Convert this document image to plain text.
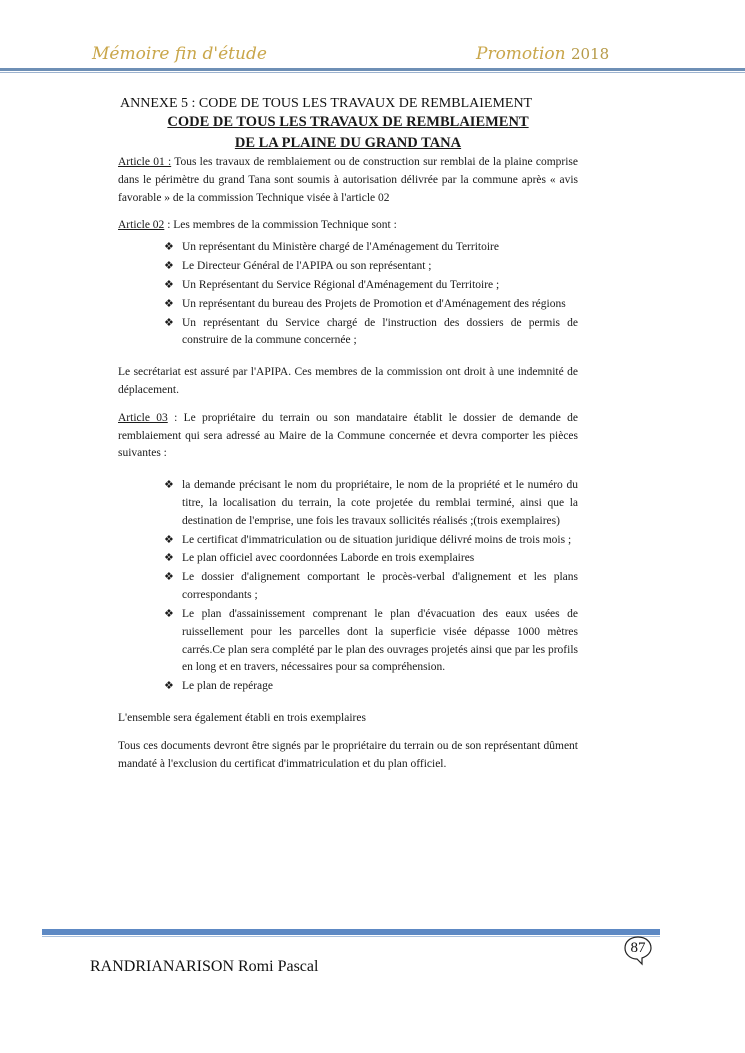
Mémoire fin d'étude	Promotion 2018
ANNEXE 5 : CODE DE TOUS LES TRAVAUX DE REMBLAIEMENT
CODE DE TOUS LES TRAVAUX DE REMBLAIEMENT
DE LA PLAINE DU GRAND TANA

Article 01 : Tous les travaux de remblaiement ou de construction sur remblai de la plaine comprise dans le périmètre du grand Tana sont soumis à autorisation délivrée par la commune après « avis favorable » de la commission Technique visée à l'article 02

Article 02 : Les membres de la commission Technique sont :

❖ Un représentant du Ministère chargé de l'Aménagement du Territoire
❖ Le Directeur Général de l'APIPA ou son représentant ;
❖ Un Représentant du Service Régional d'Aménagement du Territoire ;
❖ Un représentant du bureau des Projets de Promotion et d'Aménagement des régions
❖ Un représentant du Service chargé de l'instruction des dossiers de permis de construire de la commune concernée ;

Le secrétariat est assuré par l'APIPA. Ces membres de la commission ont droit à une indemnité de déplacement.

Article 03 : Le propriétaire du terrain ou son mandataire établit le dossier de demande de remblaiement qui sera adressé au Maire de la Commune concernée et devra comporter les pièces suivantes :

❖ la demande précisant le nom du propriétaire, le nom de la propriété et le numéro du titre, la localisation du terrain, la cote projetée du remblai terminé, ainsi que la destination de l'emprise, une fois les travaux sollicités réalisés ;(trois exemplaires)
❖ Le certificat d'immatriculation ou de situation juridique délivré moins de trois mois ;
❖ Le plan officiel avec coordonnées Laborde en trois exemplaires
❖ Le dossier d'alignement comportant le procès-verbal d'alignement et les plans correspondants ;
❖ Le plan d'assainissement comprenant le plan d'évacuation des eaux usées de ruissellement pour les parcelles dont la superficie visée dépasse 1000 mètres carrés.Ce plan sera complété par le plan des ouvrages projetés ainsi que par les profils en long et en travers, nécessaires pour sa compréhension.
❖ Le plan de repérage

L'ensemble sera également établi en trois exemplaires

Tous ces documents devront être signés par le propriétaire du terrain ou de son représentant dûment mandaté à l'exclusion du certificat d'immatriculation et du plan officiel.

87
RANDRIANARISON Romi Pascal
